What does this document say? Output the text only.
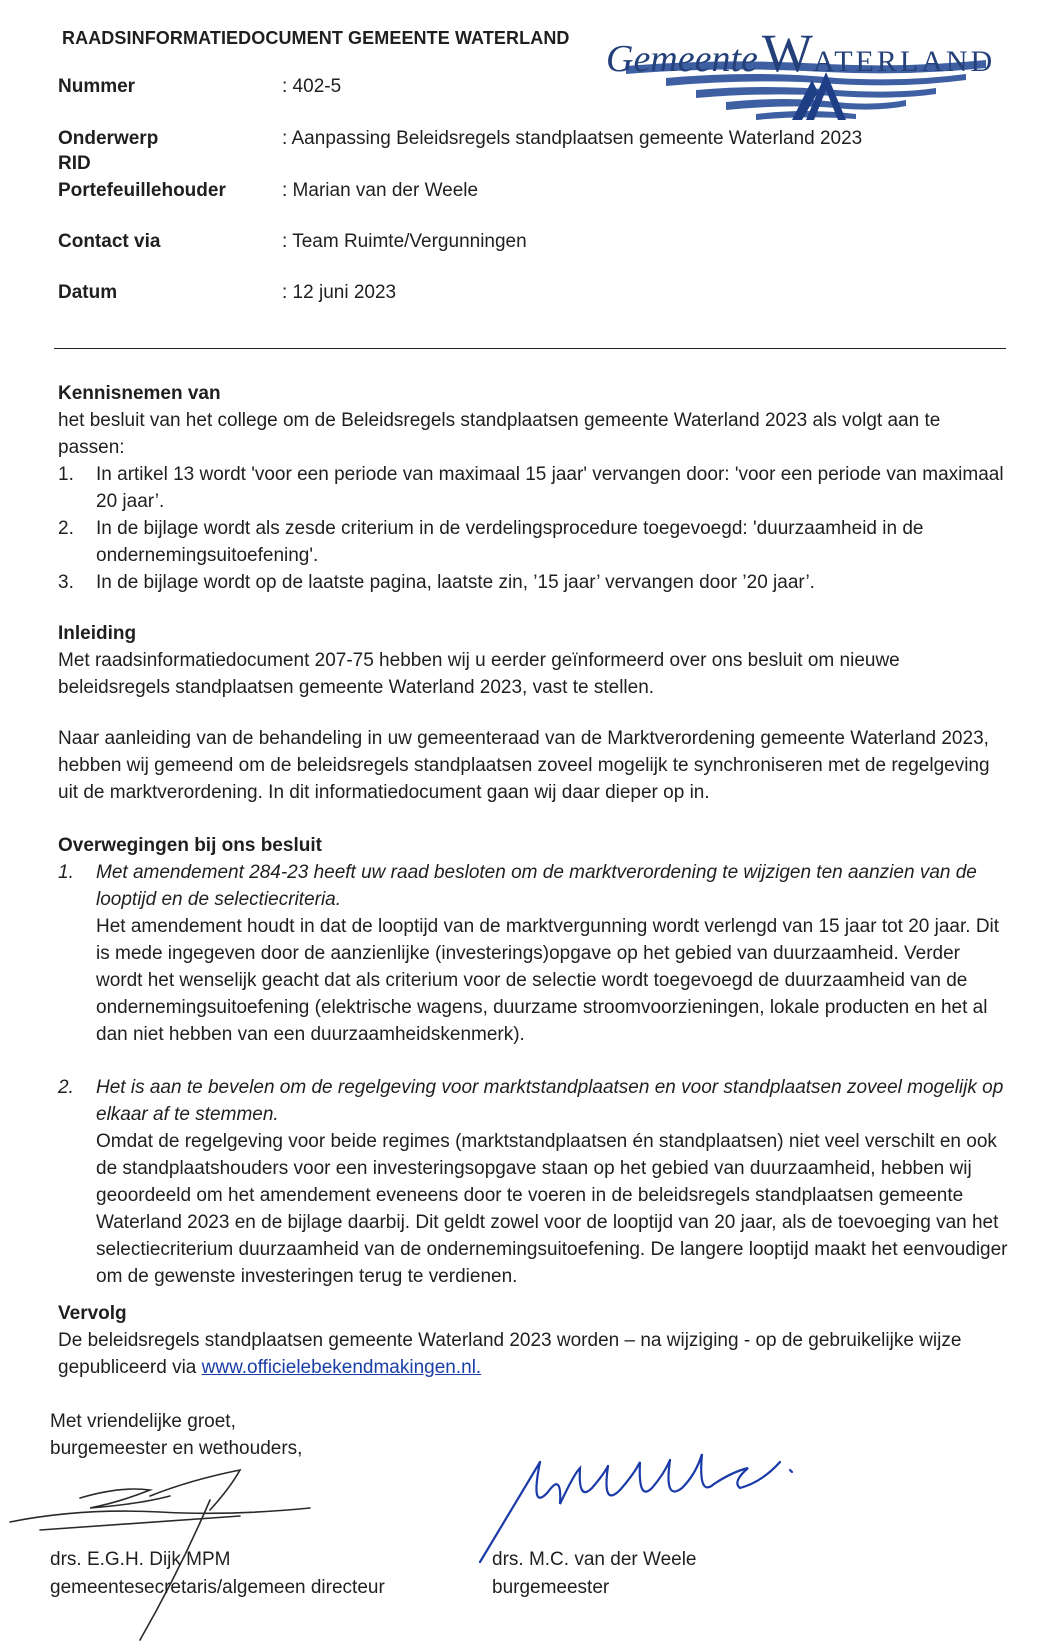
RAADSINFORMATIEDOCUMENT GEMEENTE WATERLAND GemeenteWATERLAND
Nummer	: 402-5
Onderwerp	: Aanpassing Beleidsregels standplaatsen gemeente Waterland 2023
RID
Portefeuillehouder	: Marian van der Weele
Contact via	: Team Ruimte/Vergunningen
Datum	: 12 juni 2023

Kennisnemen van

het besluit van het college om de Beleidsregels standplaatsen gemeente Waterland 2023 als volgt aan te passen:

1. In artikel 13 wordt 'voor een periode van maximaal 15 jaar' vervangen door: 'voor een periode van maximaal 20 jaar’.
2. In de bijlage wordt als zesde criterium in de verdelingsprocedure toegevoegd: 'duurzaamheid in de ondernemingsuitoefening'.
3. In de bijlage wordt op de laatste pagina, laatste zin, ’15 jaar’ vervangen door ’20 jaar’.

Inleiding

Met raadsinformatiedocument 207-75 hebben wij u eerder geïnformeerd over ons besluit om nieuwe beleidsregels standplaatsen gemeente Waterland 2023, vast te stellen.

Naar aanleiding van de behandeling in uw gemeenteraad van de Marktverordening gemeente Waterland 2023, hebben wij gemeend om de beleidsregels standplaatsen zoveel mogelijk te synchroniseren met de regelgeving uit de marktverordening. In dit informatiedocument gaan wij daar dieper op in.

Overwegingen bij ons besluit

1. Met amendement 284-23 heeft uw raad besloten om de marktverordening te wijzigen ten aanzien van de looptijd en de selectiecriteria.

Het amendement houdt in dat de looptijd van de marktvergunning wordt verlengd van 15 jaar tot 20 jaar. Dit is mede ingegeven door de aanzienlijke (investerings)opgave op het gebied van duurzaamheid. Verder wordt het wenselijk geacht dat als criterium voor de selectie wordt toegevoegd de duurzaamheid van de ondernemingsuitoefening (elektrische wagens, duurzame stroomvoorzieningen, lokale producten en het al dan niet hebben van een duurzaamheidskenmerk).

2. Het is aan te bevelen om de regelgeving voor marktstandplaatsen en voor standplaatsen zoveel mogelijk op elkaar af te stemmen.

Omdat de regelgeving voor beide regimes (marktstandplaatsen én standplaatsen) niet veel verschilt en ook de standplaatshouders voor een investeringsopgave staan op het gebied van duurzaamheid, hebben wij geoordeeld om het amendement eveneens door te voeren in de beleidsregels standplaatsen gemeente Waterland 2023 en de bijlage daarbij. Dit geldt zowel voor de looptijd van 20 jaar, als de toevoeging van het selectiecriterium duurzaamheid van de ondernemingsuitoefening. De langere looptijd maakt het eenvoudiger om de gewenste investeringen terug te verdienen.

Vervolg

De beleidsregels standplaatsen gemeente Waterland 2023 worden – na wijziging - op de gebruikelijke wijze gepubliceerd via www.officielebekendmakingen.nl.

Met vriendelijke groet,

burgemeester en wethouders,

drs. E.G.H. Dijk MPM
gemeentesecretaris/algemeen directeur
drs. M.C. van der Weele
burgemeester
